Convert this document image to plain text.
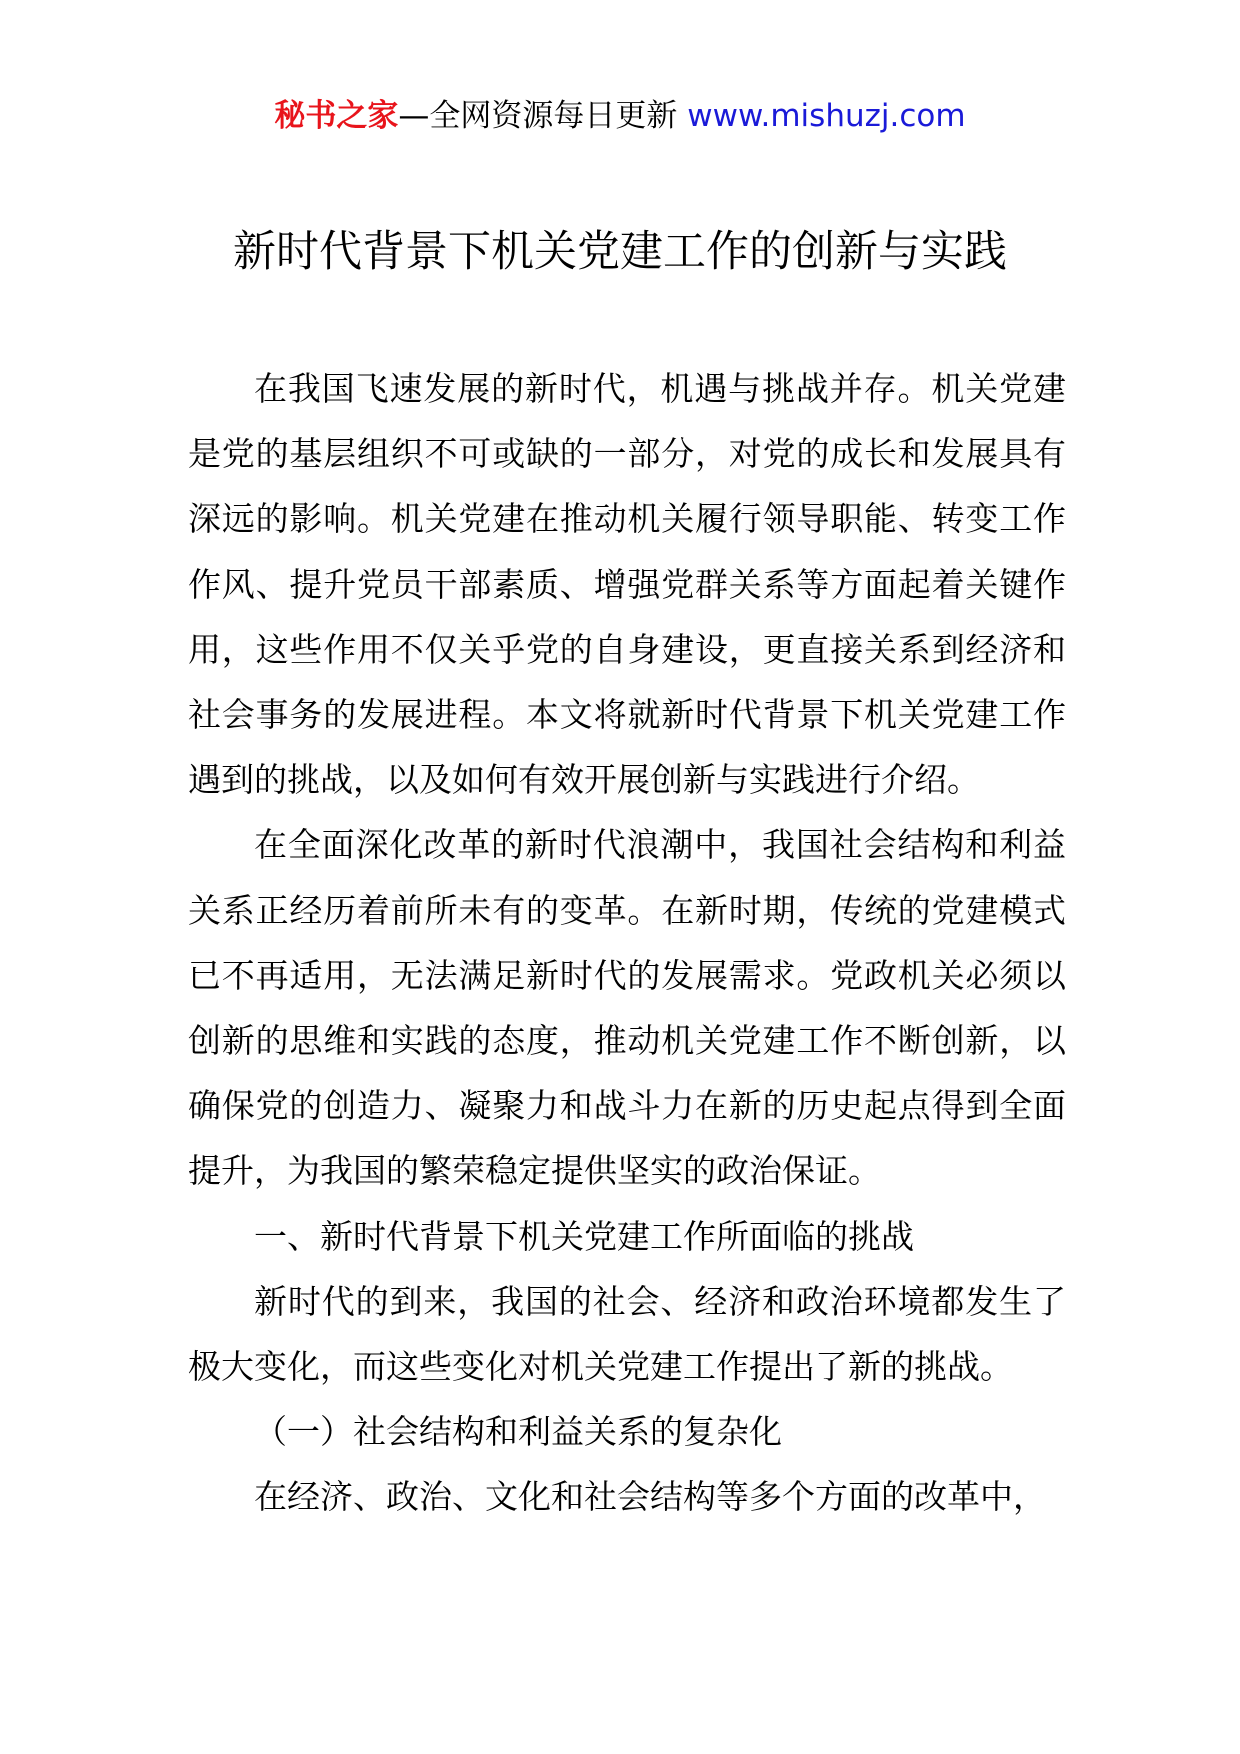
秘书之家—全网资源每日更新 www.mishuzj.com
新时代背景下机关党建工作的创新与实践

在我国飞速发展的新时代，机遇与挑战并存。机关党建是党的基层组织不可或缺的一部分，对党的成长和发展具有深远的影响。机关党建在推动机关履行领导职能、转变工作作风、提升党员干部素质、增强党群关系等方面起着关键作用，这些作用不仅关乎党的自身建设，更直接关系到经济和社会事务的发展进程。本文将就新时代背景下机关党建工作遇到的挑战，以及如何有效开展创新与实践进行介绍。

在全面深化改革的新时代浪潮中，我国社会结构和利益关系正经历着前所未有的变革。在新时期，传统的党建模式已不再适用，无法满足新时代的发展需求。党政机关必须以创新的思维和实践的态度，推动机关党建工作不断创新，以确保党的创造力、凝聚力和战斗力在新的历史起点得到全面提升，为我国的繁荣稳定提供坚实的政治保证。

一、新时代背景下机关党建工作所面临的挑战

新时代的到来，我国的社会、经济和政治环境都发生了极大变化，而这些变化对机关党建工作提出了新的挑战。

（一）社会结构和利益关系的复杂化

在经济、政治、文化和社会结构等多个方面的改革中，
